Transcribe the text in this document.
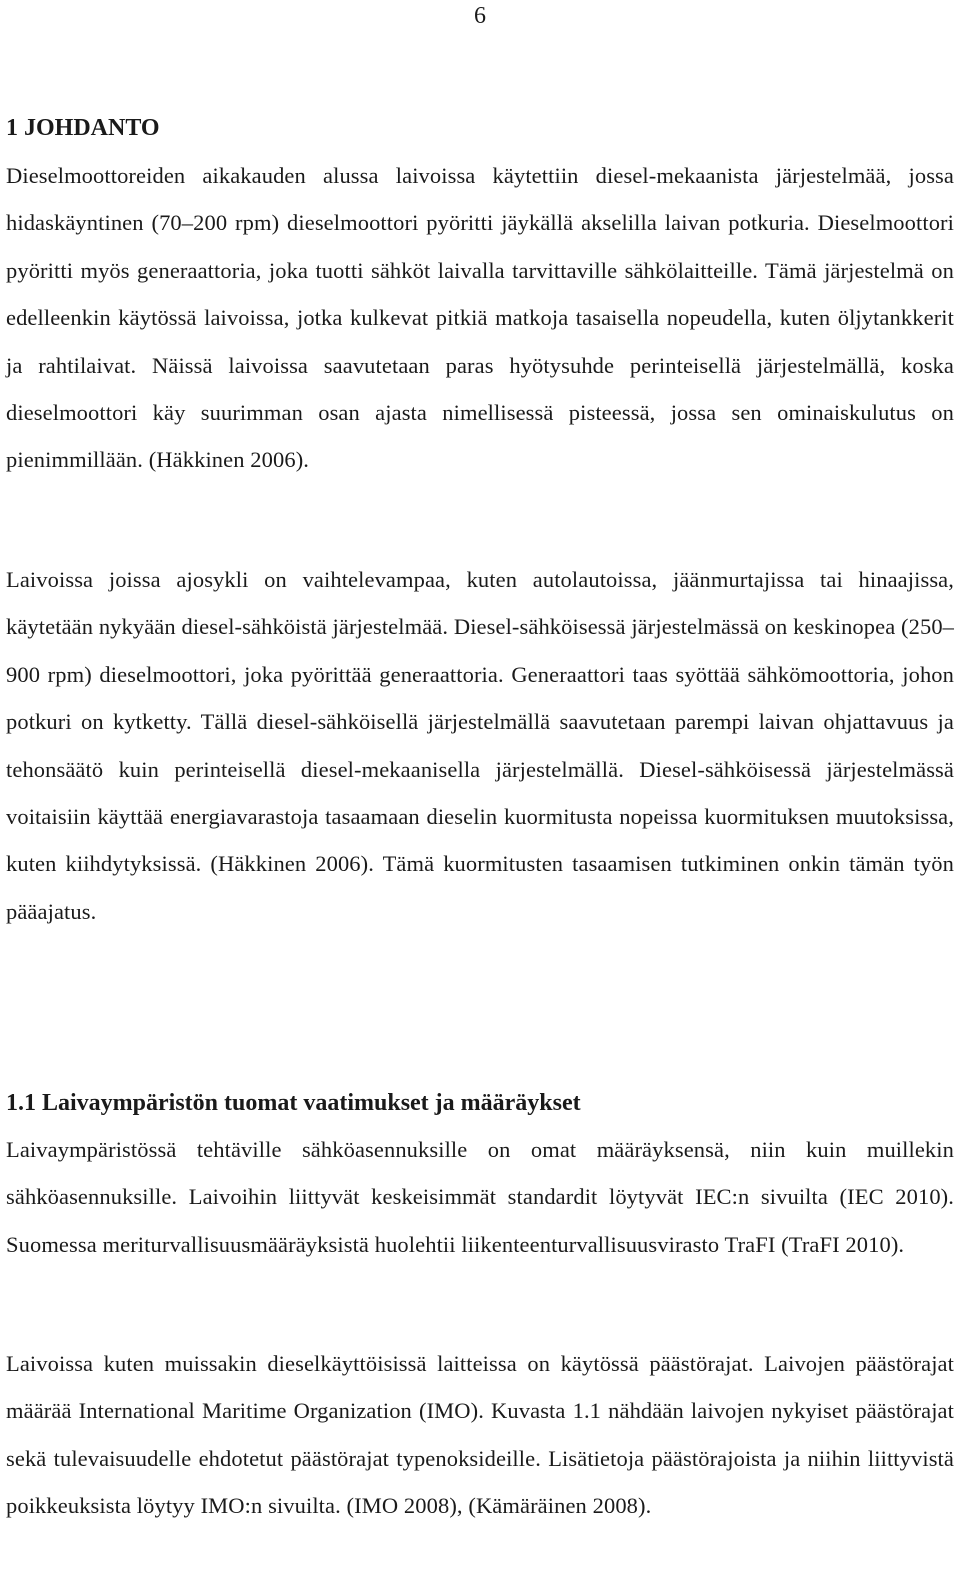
6
1 JOHDANTO

Dieselmoottoreiden aikakauden alussa laivoissa käytettiin diesel-mekaanista järjestelmää, jossa hidaskäyntinen (70–200 rpm) dieselmoottori pyöritti jäykällä akselilla laivan potkuria. Dieselmoottori pyöritti myös generaattoria, joka tuotti sähköt laivalla tarvittaville sähkölaitteille. Tämä järjestelmä on edelleenkin käytössä laivoissa, jotka kulkevat pitkiä matkoja tasaisella nopeudella, kuten öljytankkerit ja rahtilaivat. Näissä laivoissa saavutetaan paras hyötysuhde perinteisellä järjestelmällä, koska dieselmoottori käy suurimman osan ajasta nimellisessä pisteessä, jossa sen ominaiskulutus on pienimmillään. (Häkkinen 2006).

Laivoissa joissa ajosykli on vaihtelevampaa, kuten autolautoissa, jäänmurtajissa tai hinaajissa, käytetään nykyään diesel-sähköistä järjestelmää. Diesel-sähköisessä järjestelmässä on keskinopea (250–900 rpm) dieselmoottori, joka pyörittää generaattoria. Generaattori taas syöttää sähkömoottoria, johon potkuri on kytketty. Tällä diesel-sähköisellä järjestelmällä saavutetaan parempi laivan ohjattavuus ja tehonsäätö kuin perinteisellä diesel-mekaanisella järjestelmällä. Diesel-sähköisessä järjestelmässä voitaisiin käyttää energiavarastoja tasaamaan dieselin kuormitusta nopeissa kuormituksen muutoksissa, kuten kiihdytyksissä. (Häkkinen 2006). Tämä kuormitusten tasaamisen tutkiminen onkin tämän työn pääajatus.

1.1 Laivaympäristön tuomat vaatimukset ja määräykset

Laivaympäristössä tehtäville sähköasennuksille on omat määräyksensä, niin kuin muillekin sähköasennuksille. Laivoihin liittyvät keskeisimmät standardit löytyvät IEC:n sivuilta (IEC 2010). Suomessa meriturvallisuusmääräyksistä huolehtii liikenteenturvallisuusvirasto TraFI (TraFI 2010).

Laivoissa kuten muissakin dieselkäyttöisissä laitteissa on käytössä päästörajat. Laivojen päästörajat määrää International Maritime Organization (IMO). Kuvasta 1.1 nähdään laivojen nykyiset päästörajat sekä tulevaisuudelle ehdotetut päästörajat typenoksideille. Lisätietoja päästörajoista ja niihin liittyvistä poikkeuksista löytyy IMO:n sivuilta. (IMO 2008), (Kämäräinen 2008).
